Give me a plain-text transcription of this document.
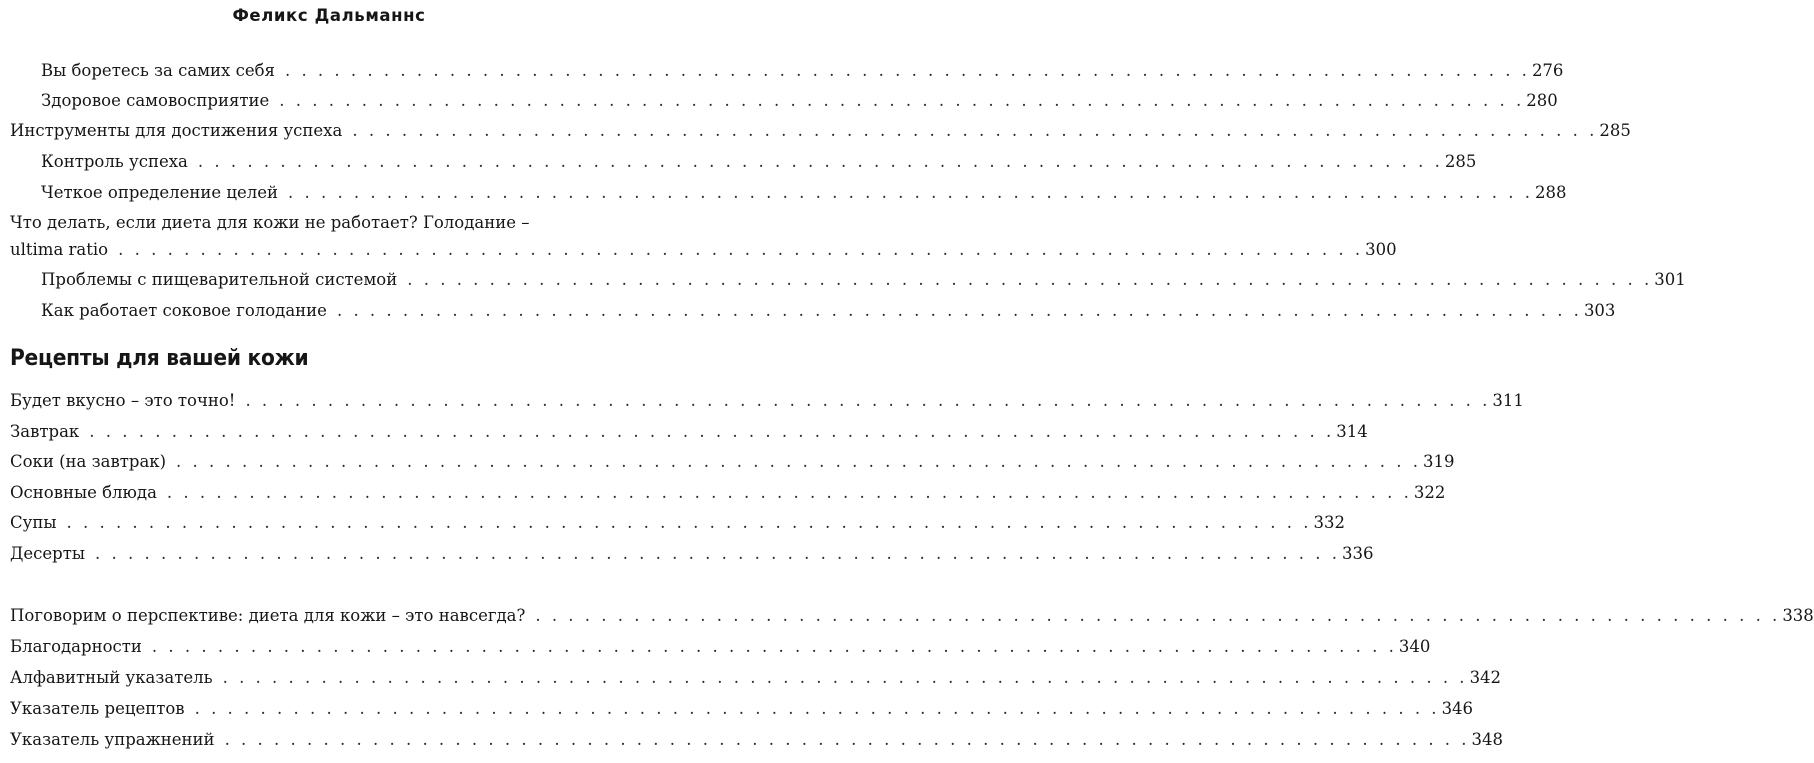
Феликс Дальманнс
Вы боретесь за самих себя . . . . . . . . . . . . . . . . . . . . . . . . . . . . . . . . . . . . . . . . . . . . . . . . . . . . . . . . . . . . . . . . . . . . . . . . . . . . 276
Здоровое самовосприятие . . . . . . . . . . . . . . . . . . . . . . . . . . . . . . . . . . . . . . . . . . . . . . . . . . . . . . . . . . . . . . . . . . . . . . . . . . . . 280
Инструменты для достижения успеха . . . . . . . . . . . . . . . . . . . . . . . . . . . . . . . . . . . . . . . . . . . . . . . . . . . . . . . . . . . . . . . . . . . . . . . . . . . . 285
Контроль успеха . . . . . . . . . . . . . . . . . . . . . . . . . . . . . . . . . . . . . . . . . . . . . . . . . . . . . . . . . . . . . . . . . . . . . . . . . . . . 285
Четкое определение целей . . . . . . . . . . . . . . . . . . . . . . . . . . . . . . . . . . . . . . . . . . . . . . . . . . . . . . . . . . . . . . . . . . . . . . . . . . . . 288
Что делать, если диета для кожи не работает? Голодание –
ultima ratio . . . . . . . . . . . . . . . . . . . . . . . . . . . . . . . . . . . . . . . . . . . . . . . . . . . . . . . . . . . . . . . . . . . . . . . . . . . . 300
Проблемы с пищеварительной системой . . . . . . . . . . . . . . . . . . . . . . . . . . . . . . . . . . . . . . . . . . . . . . . . . . . . . . . . . . . . . . . . . . . . . . . . . . . . 301
Как работает соковое голодание . . . . . . . . . . . . . . . . . . . . . . . . . . . . . . . . . . . . . . . . . . . . . . . . . . . . . . . . . . . . . . . . . . . . . . . . . . . . 303
Рецепты для вашей кожи
Будет вкусно – это точно! . . . . . . . . . . . . . . . . . . . . . . . . . . . . . . . . . . . . . . . . . . . . . . . . . . . . . . . . . . . . . . . . . . . . . . . . . . . . 311
Завтрак . . . . . . . . . . . . . . . . . . . . . . . . . . . . . . . . . . . . . . . . . . . . . . . . . . . . . . . . . . . . . . . . . . . . . . . . . . . . 314
Соки (на завтрак) . . . . . . . . . . . . . . . . . . . . . . . . . . . . . . . . . . . . . . . . . . . . . . . . . . . . . . . . . . . . . . . . . . . . . . . . . . . . 319
Основные блюда . . . . . . . . . . . . . . . . . . . . . . . . . . . . . . . . . . . . . . . . . . . . . . . . . . . . . . . . . . . . . . . . . . . . . . . . . . . . 322
Супы . . . . . . . . . . . . . . . . . . . . . . . . . . . . . . . . . . . . . . . . . . . . . . . . . . . . . . . . . . . . . . . . . . . . . . . . . . . . 332
Десерты . . . . . . . . . . . . . . . . . . . . . . . . . . . . . . . . . . . . . . . . . . . . . . . . . . . . . . . . . . . . . . . . . . . . . . . . . . . . 336
Поговорим о перспективе: диета для кожи – это навсегда? . . . . . . . . . . . . . . . . . . . . . . . . . . . . . . . . . . . . . . . . . . . . . . . . . . . . . . . . . . . . . . . . . . . . . . . . . . . . 338
Благодарности . . . . . . . . . . . . . . . . . . . . . . . . . . . . . . . . . . . . . . . . . . . . . . . . . . . . . . . . . . . . . . . . . . . . . . . . . . . . 340
Алфавитный указатель . . . . . . . . . . . . . . . . . . . . . . . . . . . . . . . . . . . . . . . . . . . . . . . . . . . . . . . . . . . . . . . . . . . . . . . . . . . . 342
Указатель рецептов . . . . . . . . . . . . . . . . . . . . . . . . . . . . . . . . . . . . . . . . . . . . . . . . . . . . . . . . . . . . . . . . . . . . . . . . . . . . 346
Указатель упражнений . . . . . . . . . . . . . . . . . . . . . . . . . . . . . . . . . . . . . . . . . . . . . . . . . . . . . . . . . . . . . . . . . . . . . . . . . . . . 348
